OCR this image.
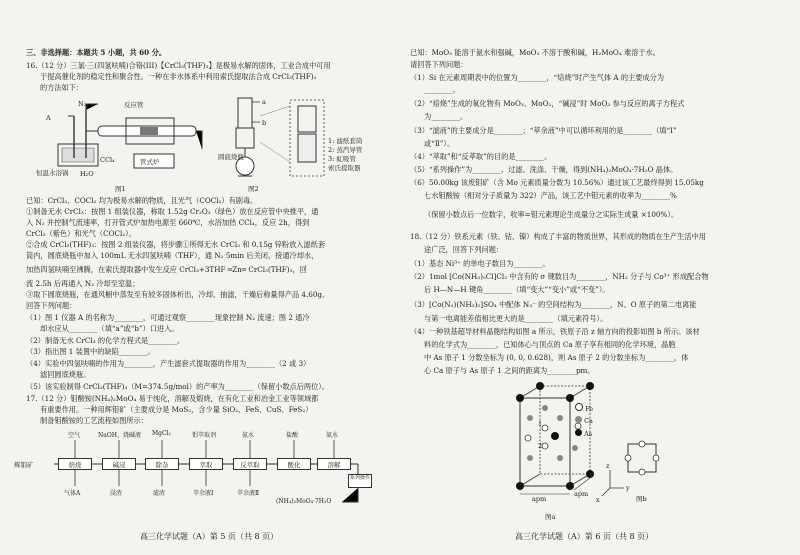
三、非选择题：本题共 5 小题，共 60 分。
16.（12 分）三氯·三(四氢呋喃)合铬(III)【CrCl₃(THF)₃】是极易水解的固体，工业合成中可用
于提高催化剂的稳定性和聚合性。一种在非水体系中利用索氏提取法合成 CrCl₃(THF)₃
的方法如下：
A
N₂	反应管
管式炉
恒温水浴锅
CCl₄
H₂O
图1
圆底烧瓶
a
b
1: 滤纸套筒
2: 蒸汽导管
3: 虹吸管
索氏提取器
图2
已知：CrCl₃、COCl₂ 均为极易水解的物质，且光气（COCl₂）有剧毒。
①制备无水 CrCl₃：按图 1 组装仪器，称取 1.52g Cr₂O₃（绿色）放在反应管中央推平，通
入 N₂ 并控制气流速率，打开管式炉加热电源至 660℃，水浴加热 CCl₄，反应 2h，得到
CrCl₃（紫色）和光气（COCl₂）。
②合成 CrCl₃(THF)₃：按图 2 组装仪器，将步骤①所得无水 CrCl₃ 和 0.15g 锌粉放入滤纸套
筒内，圆底烧瓶中加入 100mL 无水四氢呋喃（THF），通 N₂ 5min 后关闭，接通冷却水，
加热四氢呋喃至沸腾，在索氏提取器中发生反应 CrCl₃+3THF ═Zn═ CrCl₃(THF)₃，回
流 2.5h 后再通入 N₂ 冷却至室温；
③取下圆底烧瓶，在通风橱中蒸发至有较多固体析出，冷却、抽滤，干燥后称量得产品 4.60g。
回答下列问题：
（1）图 1 仪器 A 的名称为________，可通过观察________现象控制 N₂ 流速；图 2 通冷
却水应从________（填“a”或“b”）口进入。
（2）制备无水 CrCl₃ 的化学方程式是________。
（3）指出图 1 装置中的缺陷________。
（4）实验中四氢呋喃的作用为________，产生滤套式提取器的作用为________（2 或 3）
滤回圆底烧瓶。
（5）该实验制得 CrCl₃(THF)₃（M=374.5g/mol）的产率为________（保留小数点后两位）。
17.（12 分）钼酸铵(NH₄)₂MoO₄ 易于纯化，溶解及煅烧，在有化工业和冶金工业等领域都
有重要作用。一种用辉钼矿（主要成分是 MoS₂，含少量 SiO₂、FeS、CuS、FeS₂）
制备钼酸铵的工艺流程如图所示：
辉钼矿	焙烧	碱浸	除杂	萃取	反萃取	酸化	溶解
系列操作
空气	NaOH、烧碱液 MgCl₂	钼萃取剂	氨水	盐酸	氨水
气体A	浸渣	滤渣	萃余液Ⅰ	萃余液Ⅱ
(NH₄)₂MoO₄·7H₂O
高三化学试题（A）第 5 页（共 8 页）
已知：MoO₃ 能溶于氨水和强碱，MoO₂ 不溶于酸和碱，H₂MoO₄ 难溶于水。
请回答下列问题：
（1）Si 在元素周期表中的位置为________，“焙烧”时产生气体 A 的主要成分为
________。
（2）“焙烧”生成的氧化物有 MoO₃、MoO₂，“碱浸”时 MoO₃ 参与反应的离子方程式
为________。
（3）“滤液”的主要成分是________；“萃余液”中可以循环利用的是________（填“Ⅰ”
或“Ⅱ”）。
（4）“萃取”和“反萃取”的目的是________。
（5）“系列操作”为________、过滤、洗涤、干燥，得到(NH₄)₂MoO₄·7H₂O 晶体。
（6）50.00kg 该废钼矿（含 Mo 元素质量分数为 10.56%）通过该工艺最终得到 15.05kg
七水钼酸铵（相对分子质量为 322）产品，该工艺中钼元素的收率为________%
（保留小数点后一位数字，收率=钼元素理论生成量分之实际生成量 ×100%）。
18.（12 分）铁系元素（铁、钴、镍）构成了丰富的物质世界，其形成的物质在生产生活中用
途广泛，回答下列问题：
（1）基态 Ni³⁺ 的单电子数目为________。
（2）1mol [Co(NH₃)₅Cl]Cl₂ 中含有的 σ 键数目为________，NH₃ 分子与 Co³⁺ 形成配合物
后 H—N—H 键角________（填“变大”“变小”或“不变”）。
（3）[Co(N₃)(NH₃)₅]SO₄ 中配体 N₃⁻ 的空间结构为________，N、O 原子的第二电离能
与第一电离能差值相比更大的是________（填元素符号）。
（4）一种铁基超导材料晶胞结构如图 a 所示，铁原子沿 z 轴方向的投影如图 b 所示。该材
料的化学式为________，已知体心与顶点的 Ca 原子享有相同的化学环境，晶胞
中 As 原子 1 分数坐标为 (0, 0, 0.628)，则 As 原子 2 的分数坐标为________，体
心 Ca 原子与 As 原子 1 之间的距离为________pm。
1
2
apm
apm
z
y
x
Fe
Ca
As
图a
图b
高三化学试题（A）第 6 页（共 8 页）
